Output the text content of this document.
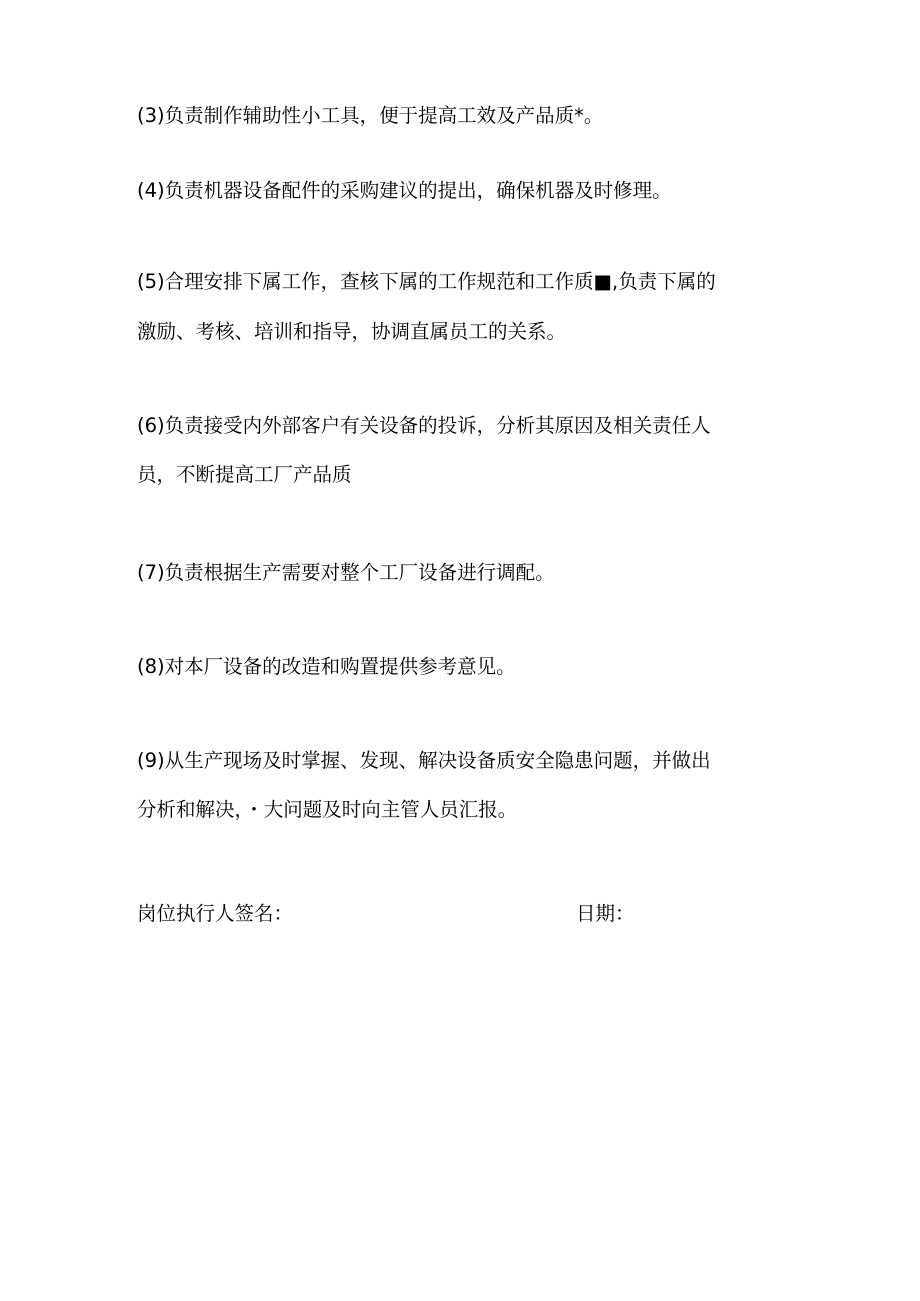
(3)负责制作辅助性小工具，便于提高工效及产品质*。
(4)负责机器设备配件的采购建议的提出，确保机器及时修理。
(5)合理安排下属工作，查核下属的工作规范和工作质■,负责下属的
激励、考核、培训和指导，协调直属员工的关系。
(6)负责接受内外部客户有关设备的投诉，分析其原因及相关责任人
员，不断提高工厂产品质
(7)负责根据生产需要对整个工厂设备进行调配。
(8)对本厂设备的改造和购置提供参考意见。
(9)从生产现场及时掌握、发现、解决设备质安全隐患问题，并做出
分析和解决，・大问题及时向主管人员汇报。
岗位执行人签名：	日期：
